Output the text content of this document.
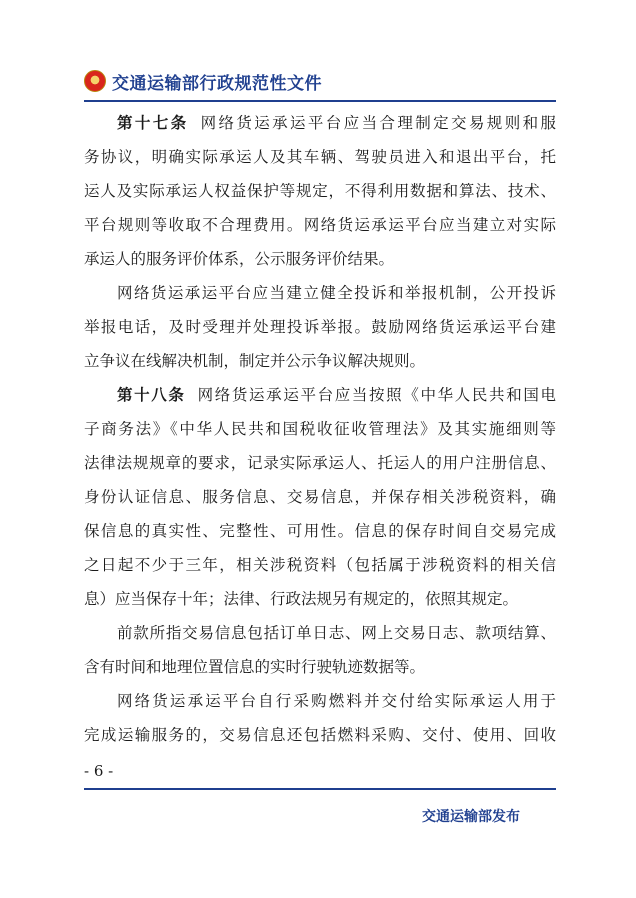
交通运输部行政规范性文件
第十七条 网络货运承运平台应当合理制定交易规则和服
务协议，明确实际承运人及其车辆、驾驶员进入和退出平台，托
运人及实际承运人权益保护等规定，不得利用数据和算法、技术、
平台规则等收取不合理费用。网络货运承运平台应当建立对实际
承运人的服务评价体系，公示服务评价结果。
网络货运承运平台应当建立健全投诉和举报机制，公开投诉
举报电话，及时受理并处理投诉举报。鼓励网络货运承运平台建
立争议在线解决机制，制定并公示争议解决规则。
第十八条 网络货运承运平台应当按照《中华人民共和国电
子商务法》《中华人民共和国税收征收管理法》及其实施细则等
法律法规规章的要求，记录实际承运人、托运人的用户注册信息、
身份认证信息、服务信息、交易信息，并保存相关涉税资料，确
保信息的真实性、完整性、可用性。信息的保存时间自交易完成
之日起不少于三年，相关涉税资料（包括属于涉税资料的相关信
息）应当保存十年；法律、行政法规另有规定的，依照其规定。
前款所指交易信息包括订单日志、网上交易日志、款项结算、
含有时间和地理位置信息的实时行驶轨迹数据等。
网络货运承运平台自行采购燃料并交付给实际承运人用于
完成运输服务的，交易信息还包括燃料采购、交付、使用、回收
- 6 -
交通运输部发布
